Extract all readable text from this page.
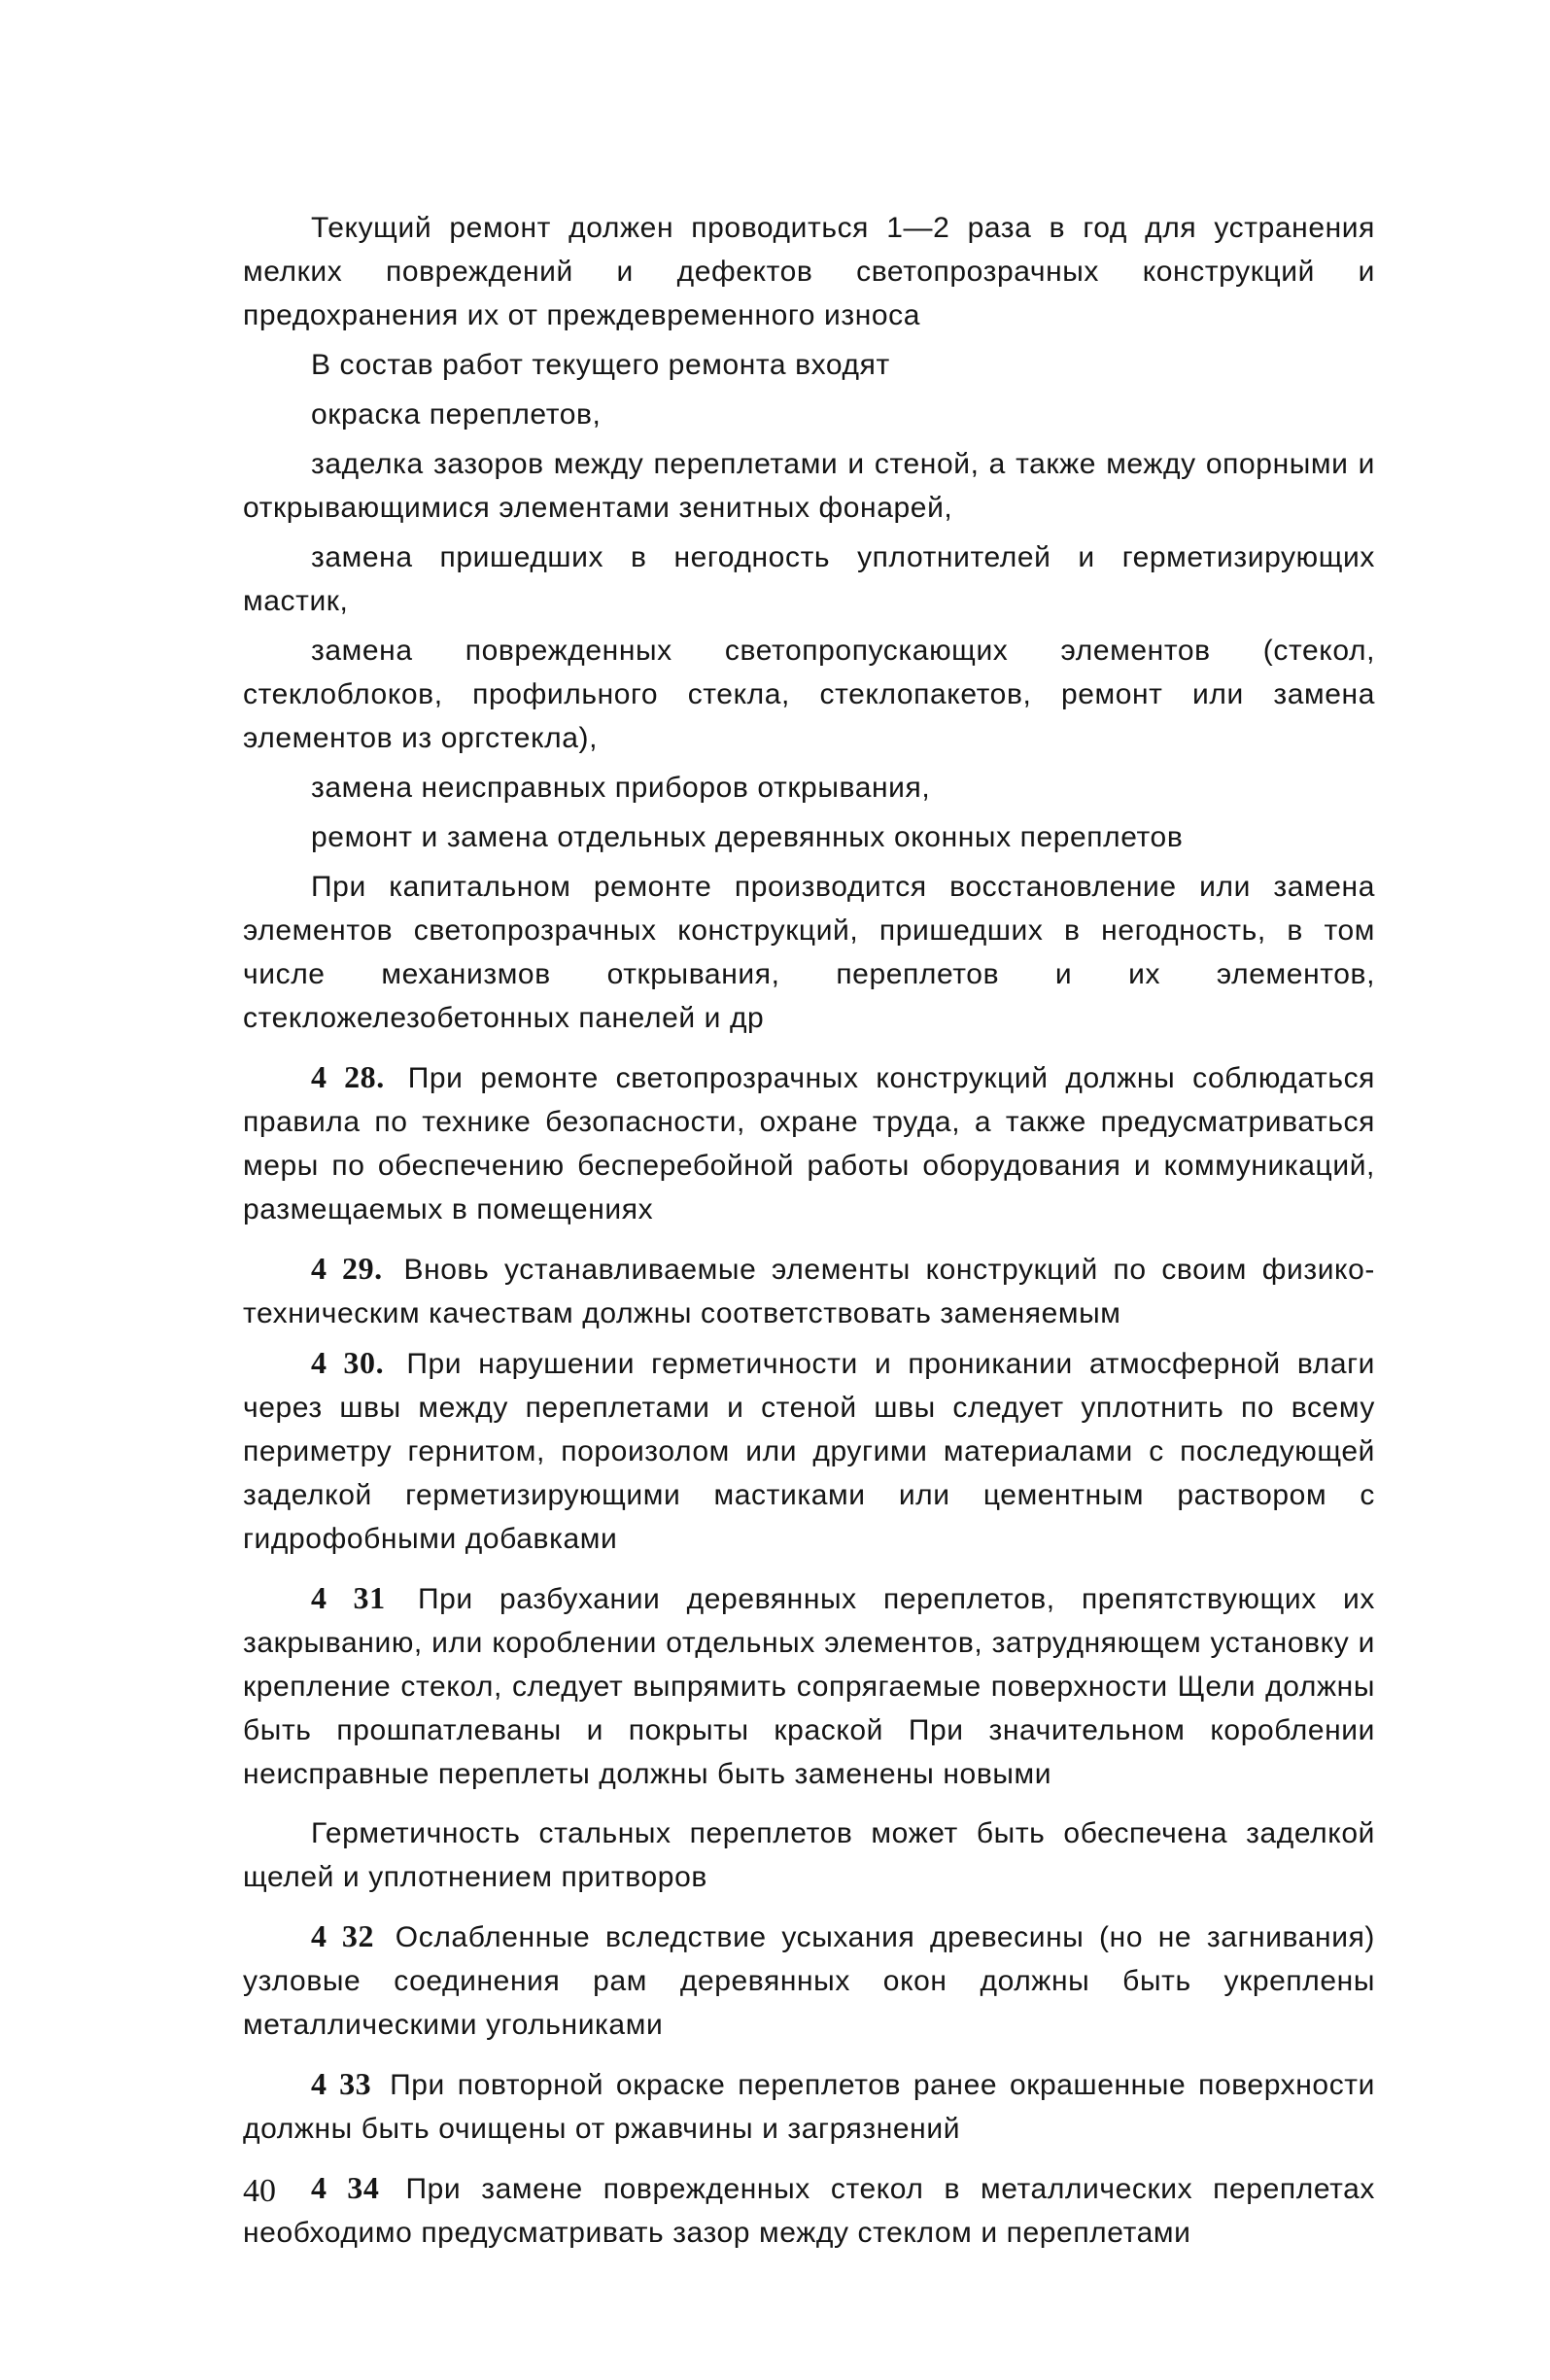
Текущий ремонт должен проводиться 1—2 раза в год для устранения мелких повреждений и дефектов светопрозрачных конструкций и предохранения их от преждевременного износа

В состав работ текущего ремонта входят

окраска переплетов,

заделка зазоров между переплетами и стеной, а также между опорными и открывающимися элементами зенитных фонарей,

замена пришедших в негодность уплотнителей и герметизирующих мастик,

замена поврежденных светопропускающих элементов (стекол, стеклоблоков, профильного стекла, стеклопакетов, ремонт или замена элементов из оргстекла),

замена неисправных приборов открывания,

ремонт и замена отдельных деревянных оконных переплетов

При капитальном ремонте производится восстановление или замена элементов светопрозрачных конструкций, пришедших в негодность, в том числе механизмов открывания, переплетов и их элементов, стекложелезобетонных панелей и др

4 28. При ремонте светопрозрачных конструкций должны соблюдаться правила по технике безопасности, охране труда, а также предусматриваться меры по обеспечению бесперебойной работы оборудования и коммуникаций, размещаемых в помещениях

4 29. Вновь устанавливаемые элементы конструкций по своим физико-техническим качествам должны соответствовать заменяемым

4 30. При нарушении герметичности и проникании атмосферной влаги через швы между переплетами и стеной швы следует уплотнить по всему периметру гернитом, пороизолом или другими материалами с последующей заделкой герметизирующими мастиками или цементным раствором с гидрофобными добавками

4 31 При разбухании деревянных переплетов, препятствующих их закрыванию, или короблении отдельных элементов, затрудняющем установку и крепление стекол, следует выпрямить сопрягаемые поверхности Щели должны быть прошпатлеваны и покрыты краской При значительном короблении неисправные переплеты должны быть заменены новыми

Герметичность стальных переплетов может быть обеспечена заделкой щелей и уплотнением притворов

4 32 Ослабленные вследствие усыхания древесины (но не загнивания) узловые соединения рам деревянных окон должны быть укреплены металлическими угольниками

4 33 При повторной окраске переплетов ранее окрашенные поверхности должны быть очищены от ржавчины и загрязнений

4 34 При замене поврежденных стекол в металлических переплетах необходимо предусматривать зазор между стеклом и переплетами

40
